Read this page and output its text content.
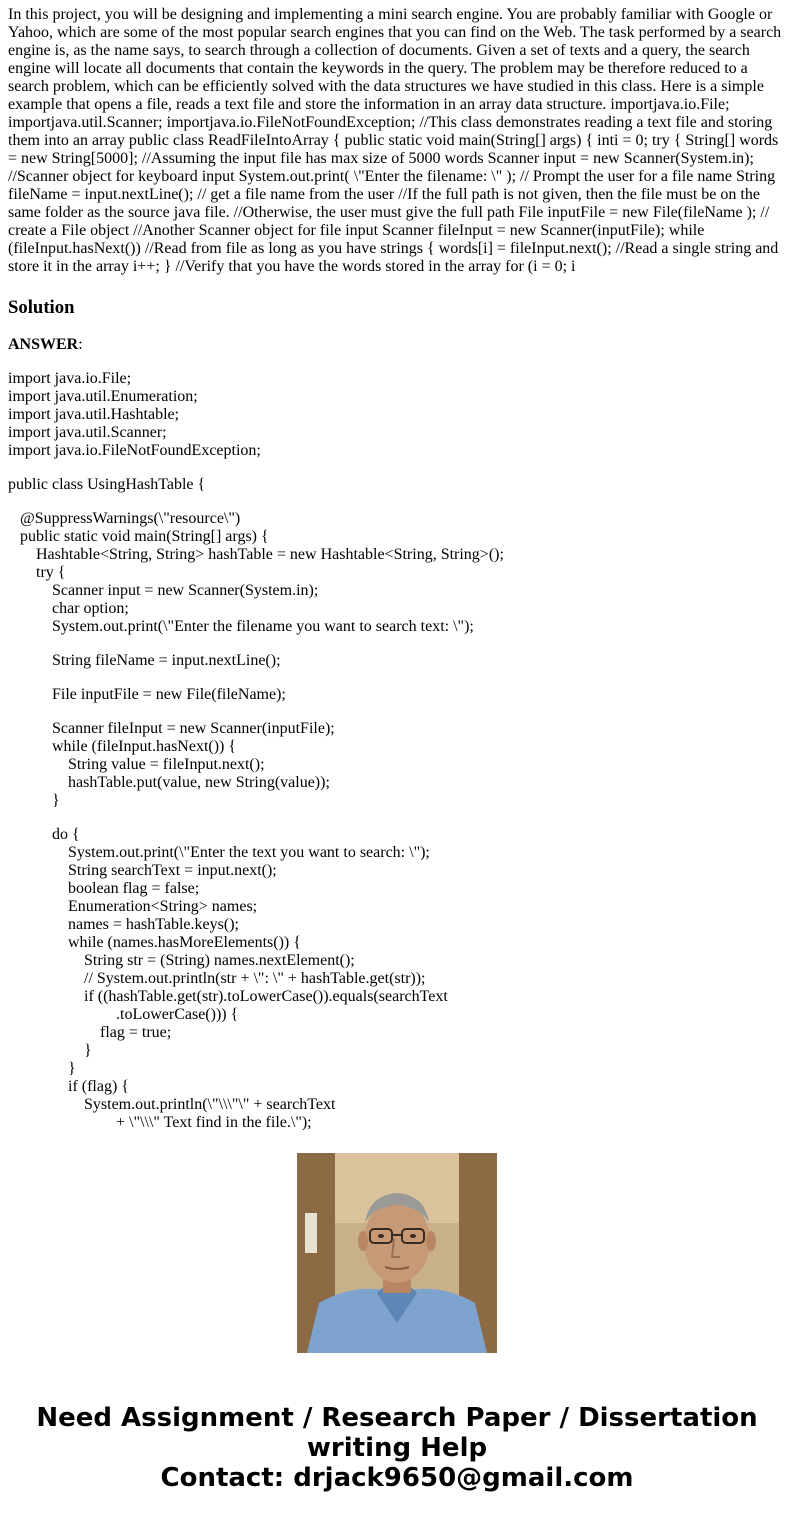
In this project, you will be designing and implementing a mini search engine. You are probably familiar with Google or Yahoo, which are some of the most popular search engines that you can find on the Web. The task performed by a search engine is, as the name says, to search through a collection of documents. Given a set of texts and a query, the search engine will locate all documents that contain the keywords in the query. The problem may be therefore reduced to a search problem, which can be efficiently solved with the data structures we have studied in this class. Here is a simple example that opens a file, reads a text file and store the information in an array data structure. importjava.io.File; importjava.util.Scanner; importjava.io.FileNotFoundException; //This class demonstrates reading a text file and storing them into an array public class ReadFileIntoArray { public static void main(String[] args) { inti = 0; try { String[] words = new String[5000]; //Assuming the input file has max size of 5000 words Scanner input = new Scanner(System.in); //Scanner object for keyboard input System.out.print( \"Enter the filename: \" ); // Prompt the user for a file name String fileName = input.nextLine(); // get a file name from the user //If the full path is not given, then the file must be on the same folder as the source java file. //Otherwise, the user must give the full path File inputFile = new File(fileName ); // create a File object //Another Scanner object for file input Scanner fileInput = new Scanner(inputFile); while (fileInput.hasNext()) //Read from file as long as you have strings { words[i] = fileInput.next(); //Read a single string and store it in the array i++; } //Verify that you have the words stored in the array for (i = 0; i
Solution
ANSWER:
import java.io.File;
import java.util.Enumeration;
import java.util.Hashtable;
import java.util.Scanner;
import java.io.FileNotFoundException;
public class UsingHashTable {
@SuppressWarnings(\"resource\")
public static void main(String[] args) {
Hashtable<String, String> hashTable = new Hashtable<String, String>();
try {
Scanner input = new Scanner(System.in);
char option;
System.out.print(\"Enter the filename you want to search text: \");
String fileName = input.nextLine();
File inputFile = new File(fileName);
Scanner fileInput = new Scanner(inputFile);
while (fileInput.hasNext()) {
String value = fileInput.next();
hashTable.put(value, new String(value));
}
do {
System.out.print(\"Enter the text you want to search: \");
String searchText = input.next();
boolean flag = false;
Enumeration<String> names;
names = hashTable.keys();
while (names.hasMoreElements()) {
String str = (String) names.nextElement();
// System.out.println(str + \": \" + hashTable.get(str));
if ((hashTable.get(str).toLowerCase()).equals(searchText
.toLowerCase())) {
flag = true;
}
}
if (flag) {
System.out.println(\"\\\"\" + searchText
+ \"\\\" Text find in the file.\");
Need Assignment / Research Paper / Dissertation writing Help
Contact: drjack9650@gmail.com
